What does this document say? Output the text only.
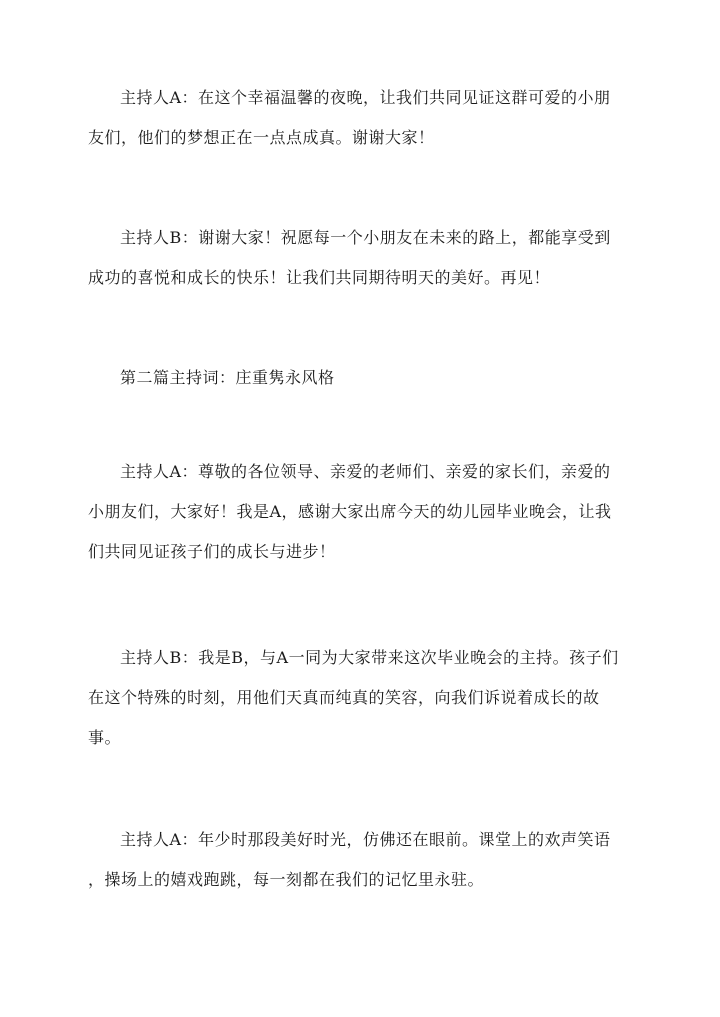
主持人A：在这个幸福温馨的夜晚，让我们共同见证这群可爱的小朋
友们，他们的梦想正在一点点成真。谢谢大家！
主持人B：谢谢大家！祝愿每一个小朋友在未来的路上，都能享受到
成功的喜悦和成长的快乐！让我们共同期待明天的美好。再见！
第二篇主持词：庄重隽永风格
主持人A：尊敬的各位领导、亲爱的老师们、亲爱的家长们，亲爱的
小朋友们，大家好！我是A，感谢大家出席今天的幼儿园毕业晚会，让我
们共同见证孩子们的成长与进步！
主持人B：我是B，与A一同为大家带来这次毕业晚会的主持。孩子们
在这个特殊的时刻，用他们天真而纯真的笑容，向我们诉说着成长的故
事。
主持人A：年少时那段美好时光，仿佛还在眼前。课堂上的欢声笑语
，操场上的嬉戏跑跳，每一刻都在我们的记忆里永驻。
